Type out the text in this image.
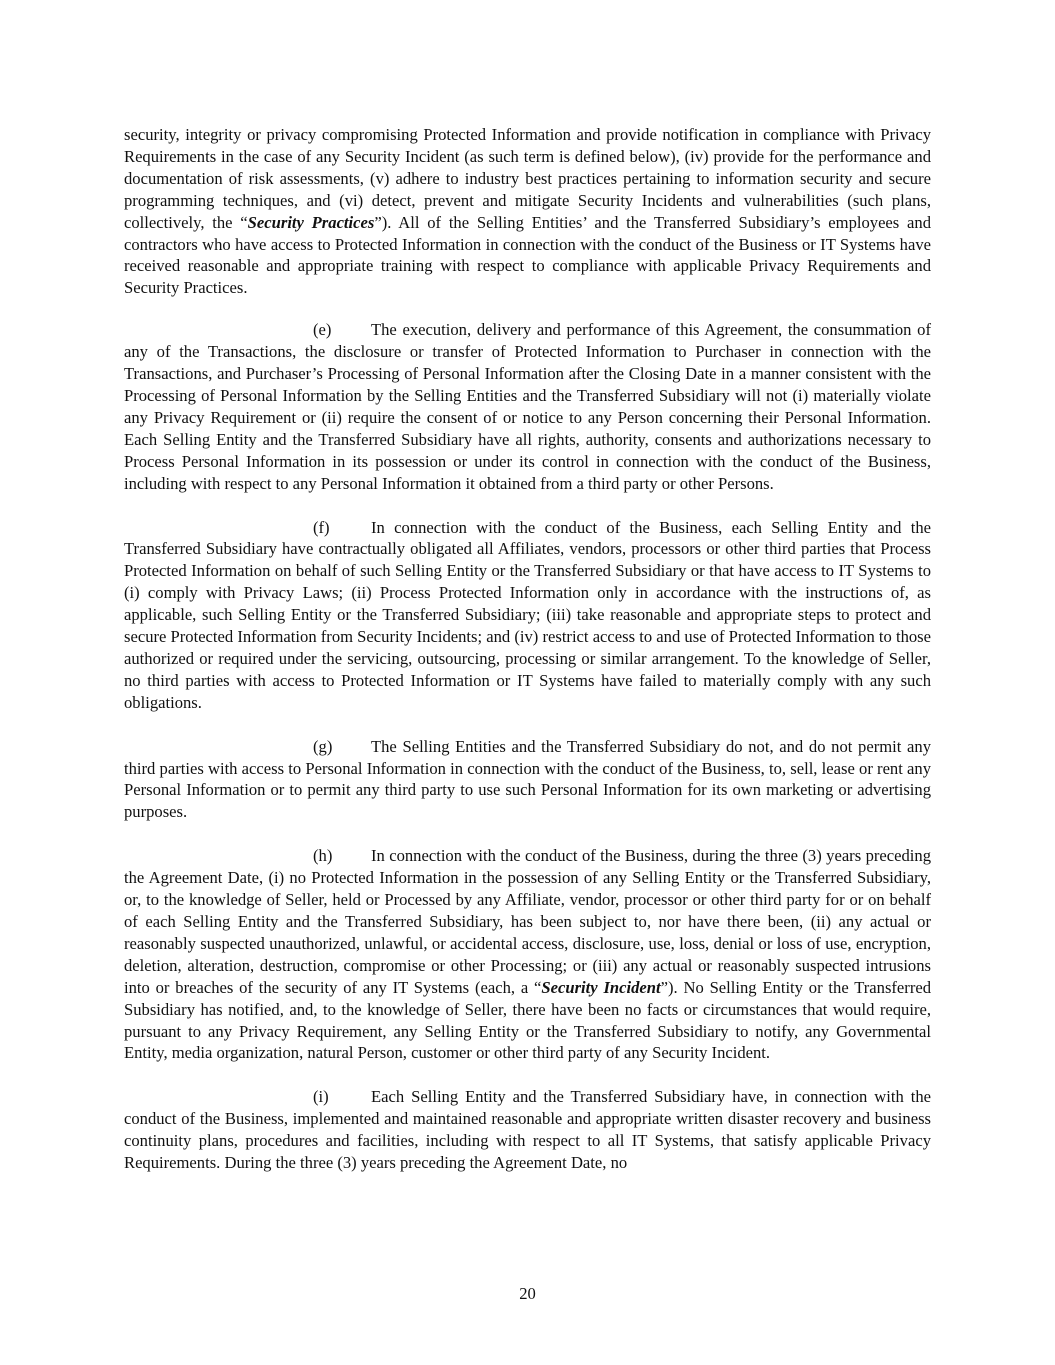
security, integrity or privacy compromising Protected Information and provide notification in compliance with Privacy Requirements in the case of any Security Incident (as such term is defined below), (iv) provide for the performance and documentation of risk assessments, (v) adhere to industry best practices pertaining to information security and secure programming techniques, and (vi) detect, prevent and mitigate Security Incidents and vulnerabilities (such plans, collectively, the “Security Practices”). All of the Selling Entities’ and the Transferred Subsidiary’s employees and contractors who have access to Protected Information in connection with the conduct of the Business or IT Systems have received reasonable and appropriate training with respect to compliance with applicable Privacy Requirements and Security Practices.

(e) The execution, delivery and performance of this Agreement, the consummation of any of the Transactions, the disclosure or transfer of Protected Information to Purchaser in connection with the Transactions, and Purchaser’s Processing of Personal Information after the Closing Date in a manner consistent with the Processing of Personal Information by the Selling Entities and the Transferred Subsidiary will not (i) materially violate any Privacy Requirement or (ii) require the consent of or notice to any Person concerning their Personal Information. Each Selling Entity and the Transferred Subsidiary have all rights, authority, consents and authorizations necessary to Process Personal Information in its possession or under its control in connection with the conduct of the Business, including with respect to any Personal Information it obtained from a third party or other Persons.

(f) In connection with the conduct of the Business, each Selling Entity and the Transferred Subsidiary have contractually obligated all Affiliates, vendors, processors or other third parties that Process Protected Information on behalf of such Selling Entity or the Transferred Subsidiary or that have access to IT Systems to (i) comply with Privacy Laws; (ii) Process Protected Information only in accordance with the instructions of, as applicable, such Selling Entity or the Transferred Subsidiary; (iii) take reasonable and appropriate steps to protect and secure Protected Information from Security Incidents; and (iv) restrict access to and use of Protected Information to those authorized or required under the servicing, outsourcing, processing or similar arrangement. To the knowledge of Seller, no third parties with access to Protected Information or IT Systems have failed to materially comply with any such obligations.

(g) The Selling Entities and the Transferred Subsidiary do not, and do not permit any third parties with access to Personal Information in connection with the conduct of the Business, to, sell, lease or rent any Personal Information or to permit any third party to use such Personal Information for its own marketing or advertising purposes.

(h) In connection with the conduct of the Business, during the three (3) years preceding the Agreement Date, (i) no Protected Information in the possession of any Selling Entity or the Transferred Subsidiary, or, to the knowledge of Seller, held or Processed by any Affiliate, vendor, processor or other third party for or on behalf of each Selling Entity and the Transferred Subsidiary, has been subject to, nor have there been, (ii) any actual or reasonably suspected unauthorized, unlawful, or accidental access, disclosure, use, loss, denial or loss of use, encryption, deletion, alteration, destruction, compromise or other Processing; or (iii) any actual or reasonably suspected intrusions into or breaches of the security of any IT Systems (each, a “Security Incident”). No Selling Entity or the Transferred Subsidiary has notified, and, to the knowledge of Seller, there have been no facts or circumstances that would require, pursuant to any Privacy Requirement, any Selling Entity or the Transferred Subsidiary to notify, any Governmental Entity, media organization, natural Person, customer or other third party of any Security Incident.

(i)	Each Selling Entity and the Transferred Subsidiary have, in connection with the conduct of the Business, implemented and maintained reasonable and appropriate written disaster recovery and business continuity plans, procedures and facilities, including with respect to all IT Systems, that satisfy applicable Privacy Requirements. During the three (3) years preceding the Agreement Date, no

20
